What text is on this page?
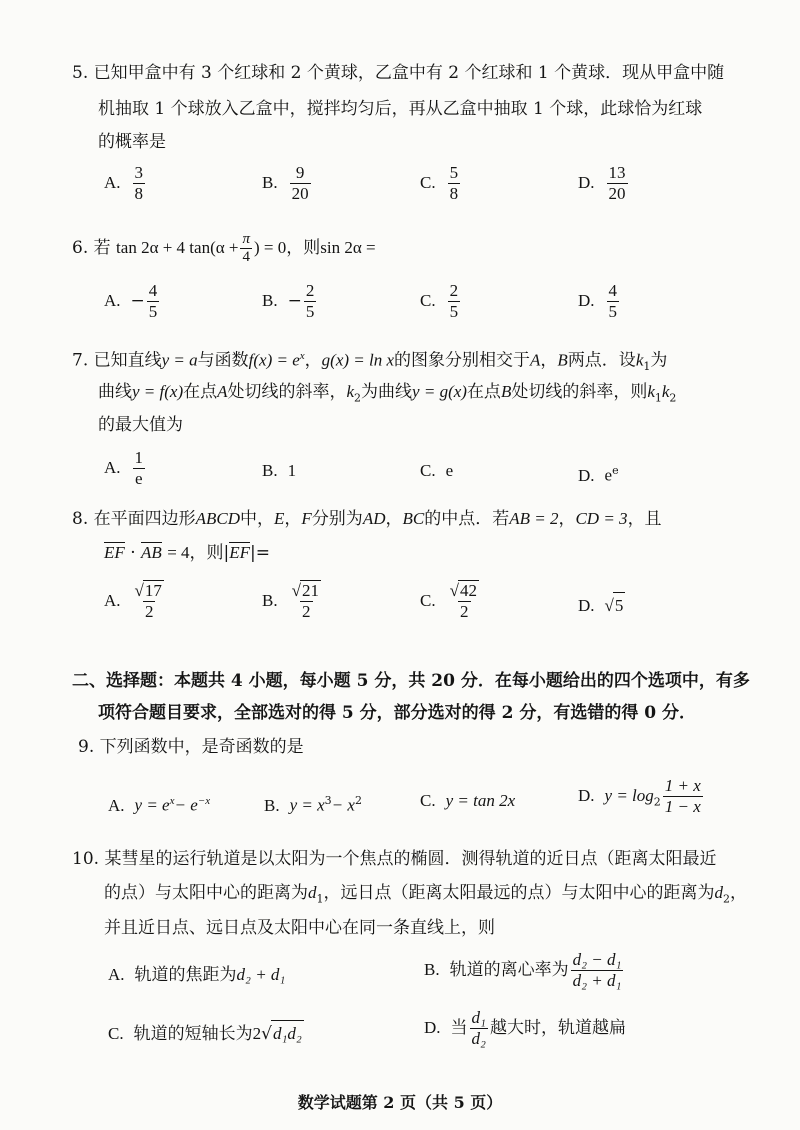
5. 已知甲盒中有 3 个红球和 2 个黄球，乙盒中有 2 个红球和 1 个黄球．现从甲盒中随
机抽取 1 个球放入乙盒中，搅拌均匀后，再从乙盒中抽取 1 个球，此球恰为红球
的概率是
A. $\frac{3}{8}$	B. $\frac{9}{20}$	C. $\frac{5}{8}$	D. $\frac{13}{20}$
6. 若 tan 2α + 4 $\tan(\alpha + \frac{\pi}{4}$ ) = 0，则sin 2α =
A. − $\frac{4}{5}$	B. − $\frac{2}{5}$	C. $\frac{2}{5}$	D. $\frac{4}{5}$
7. 已知直线y = a与函数$f(x) = e^x$，g(x) = ln x的图象分别相交于A，B两点．设$k_1$为
曲线y = f(x)在点A处切线的斜率，$k_2$为曲线y = g(x)在点B处切线的斜率，则$k_1k_2$
的最大值为
A. $\frac{1}{e}$	B. 1	C. e	D. $e^e$
8. 在平面四边形ABCD中，E，F分别为AD，BC的中点．若AB = 2，CD = 3，且
EF · AB = 4，则|EF|=
A. $\frac{√ 17}{2}$	B. $\frac{√ 21}{2}$	C. $\frac{√ 42}{2}$	D. √ 5
二、选择题：本题共 4 小题，每小题 5 分，共 20 分．在每小题给出的四个选项中，有多
项符合题目要求，全部选对的得 5 分，部分选对的得 2 分，有选错的得 0 分．
9. 下列函数中，是奇函数的是
A. $y = e^x- e^{-x}$	B. $y = x^3- x^2$	C. y = tan 2x	D. $y = \log_2 \frac{1 + x}{1 - x}$
10. 某彗星的运行轨道是以太阳为一个焦点的椭圆．测得轨道的近日点（距离太阳最近
的点）与太阳中心的距离为$d_1$，远日点（距离太阳最远的点）与太阳中心的距离为$d_2$，
并且近日点、远日点及太阳中心在同一条直线上，则
A. 轨道的焦距为d₂ + d₁	B. 轨道的离心率为 $\frac{\text{d₂ − d₁}}{\text{d₂ + d₁}}$
C. 轨道的短轴长为2 √ d₁d₂	D. 当 $\frac{\text{d₁}}{\text{d₂}}$ 越大时，轨道越扁
数学试题第 2 页（共 5 页）
